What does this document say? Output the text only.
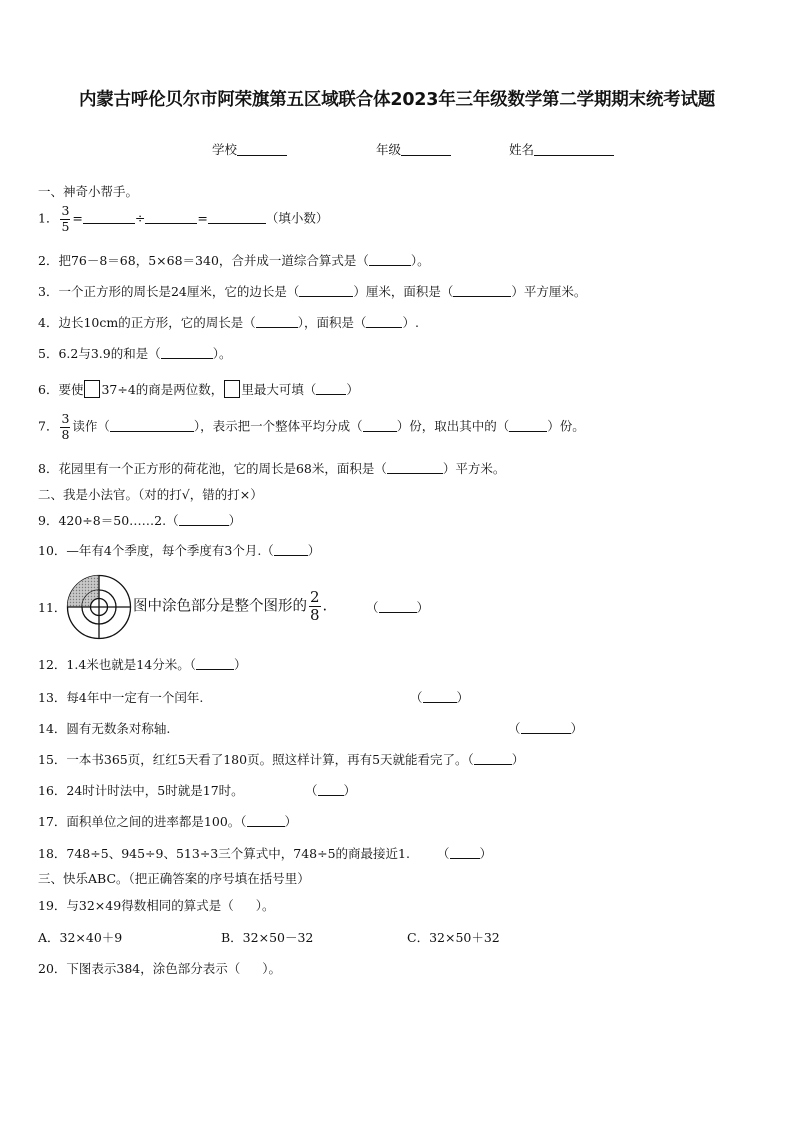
内蒙古呼伦贝尔市阿荣旗第五区域联合体2023年三年级数学第二学期期末统考试题
学校	年级	姓名
一、神奇小帮手。
1． $\frac{3}{5}$ =	÷	=	（填小数）
2．把76－8＝68，5×68＝340，合并成一道综合算式是（	）。
3．一个正方形的周长是24厘米，它的边长是（	）厘米，面积是（	）平方厘米。
4．边长10cm的正方形，它的周长是（	），面积是（	）.
5．6.2与3.9的和是（	）。
6．要使 37÷4的商是两位数， 里最大可填（ ）
7． $\frac{3}{8}$ 读作（	），表示把一个整体平均分成（	）份，取出其中的（	）份。
8．花园里有一个正方形的荷花池，它的周长是68米，面积是（	）平方米。
二、我是小法官。（对的打√，错的打×）
9．420÷8＝50……2.（	）
10．—年有4个季度，每个季度有3个月.（	）
11．	图中涂色部分是整个图形的 $\frac{2}{8}$ .	（	）
12．1.4米也就是14分米。（	）
13．每4年中一定有一个闰年.	（	）
14．圆有无数条对称轴.	（	）
15．一本书365页，红红5天看了180页。照这样计算，再有5天就能看完了。（	）
16．24时计时法中，5时就是17时。	（ ）
17．面积单位之间的进率都是100。（	）
18．748÷5、945÷9、513÷3三个算式中，748÷5的商最接近1. （ ）
三、快乐ABC。（把正确答案的序号填在括号里）
19．与32×49得数相同的算式是（ ）。
A．32×40＋9	B．32×50－32	C．32×50＋32
20．下图表示384，涂色部分表示（ ）。
